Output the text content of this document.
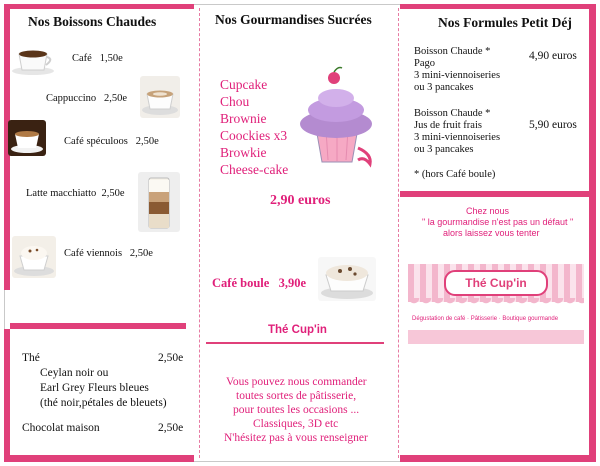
Nos Boissons Chaudes
Café 1,50e
Cappuccino 2,50e
Café spéculoos 2,50e
Latte macchiatto 2,50e
Café viennois 2,50e
Thé	2,50e
Ceylan noir ou
Earl Grey Fleurs bleues
(thé noir,pétales de bleuets)
Chocolat maison	2,50e
Nos Gourmandises Sucrées
Cupcake
Chou
Brownie
Coockies x3
Browkie
Cheese-cake
2,90 euros
Café boule 3,90e
Thé Cup'in
Vous pouvez nous commander
toutes sortes de pâtisserie,
pour toutes les occasions ...
Classiques, 3D etc
N'hésitez pas à vous renseigner
Nos Formules Petit Déj
Boisson Chaude *
Pago
3 mini-viennoiseries
ou 3 pancakes
4,90 euros
Boisson Chaude *
Jus de fruit frais
3 mini-viennoiseries
ou 3 pancakes
5,90 euros
* (hors Café boule)
Chez nous
" la gourmandise n'est pas un défaut "
alors laissez vous tenter
Thé Cup'in
Dégustation de café · Pâtisserie · Boutique gourmande
